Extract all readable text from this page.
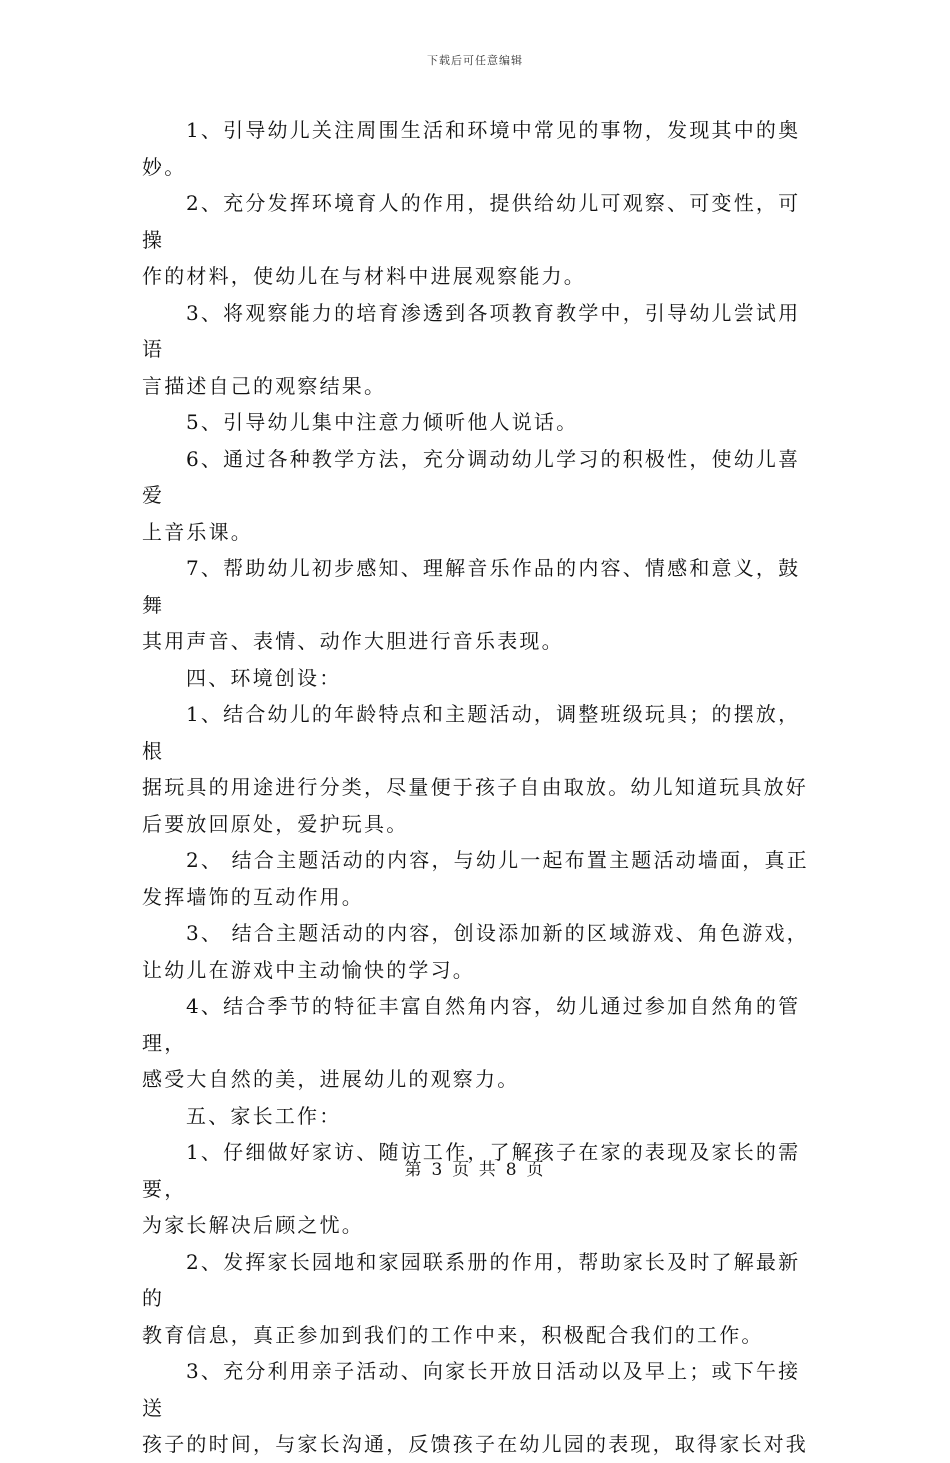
下载后可任意编辑

1、引导幼儿关注周围生活和环境中常见的事物，发现其中的奥妙。

2、充分发挥环境育人的作用，提供给幼儿可观察、可变性，可操
作的材料，使幼儿在与材料中进展观察能力。

3、将观察能力的培育渗透到各项教育教学中，引导幼儿尝试用语
言描述自己的观察结果。

5、引导幼儿集中注意力倾听他人说话。

6、通过各种教学方法，充分调动幼儿学习的积极性，使幼儿喜爱
上音乐课。

7、帮助幼儿初步感知、理解音乐作品的内容、情感和意义，鼓舞
其用声音、表情、动作大胆进行音乐表现。

四、环境创设：

1、结合幼儿的年龄特点和主题活动，调整班级玩具；的摆放，根
据玩具的用途进行分类，尽量便于孩子自由取放。幼儿知道玩具放好
后要放回原处，爱护玩具。

2、 结合主题活动的内容，与幼儿一起布置主题活动墙面，真正
发挥墙饰的互动作用。

3、 结合主题活动的内容，创设添加新的区域游戏、角色游戏，
让幼儿在游戏中主动愉快的学习。

4、结合季节的特征丰富自然角内容，幼儿通过参加自然角的管理，
感受大自然的美，进展幼儿的观察力。

五、家长工作：

1、仔细做好家访、随访工作，了解孩子在家的表现及家长的需要，
为家长解决后顾之忧。

2、发挥家长园地和家园联系册的作用，帮助家长及时了解最新的
教育信息，真正参加到我们的工作中来，积极配合我们的工作。

3、充分利用亲子活动、向家长开放日活动以及早上；或下午接送
孩子的时间，与家长沟通，反馈孩子在幼儿园的表现，取得家长对我

第 3 页 共 8 页
